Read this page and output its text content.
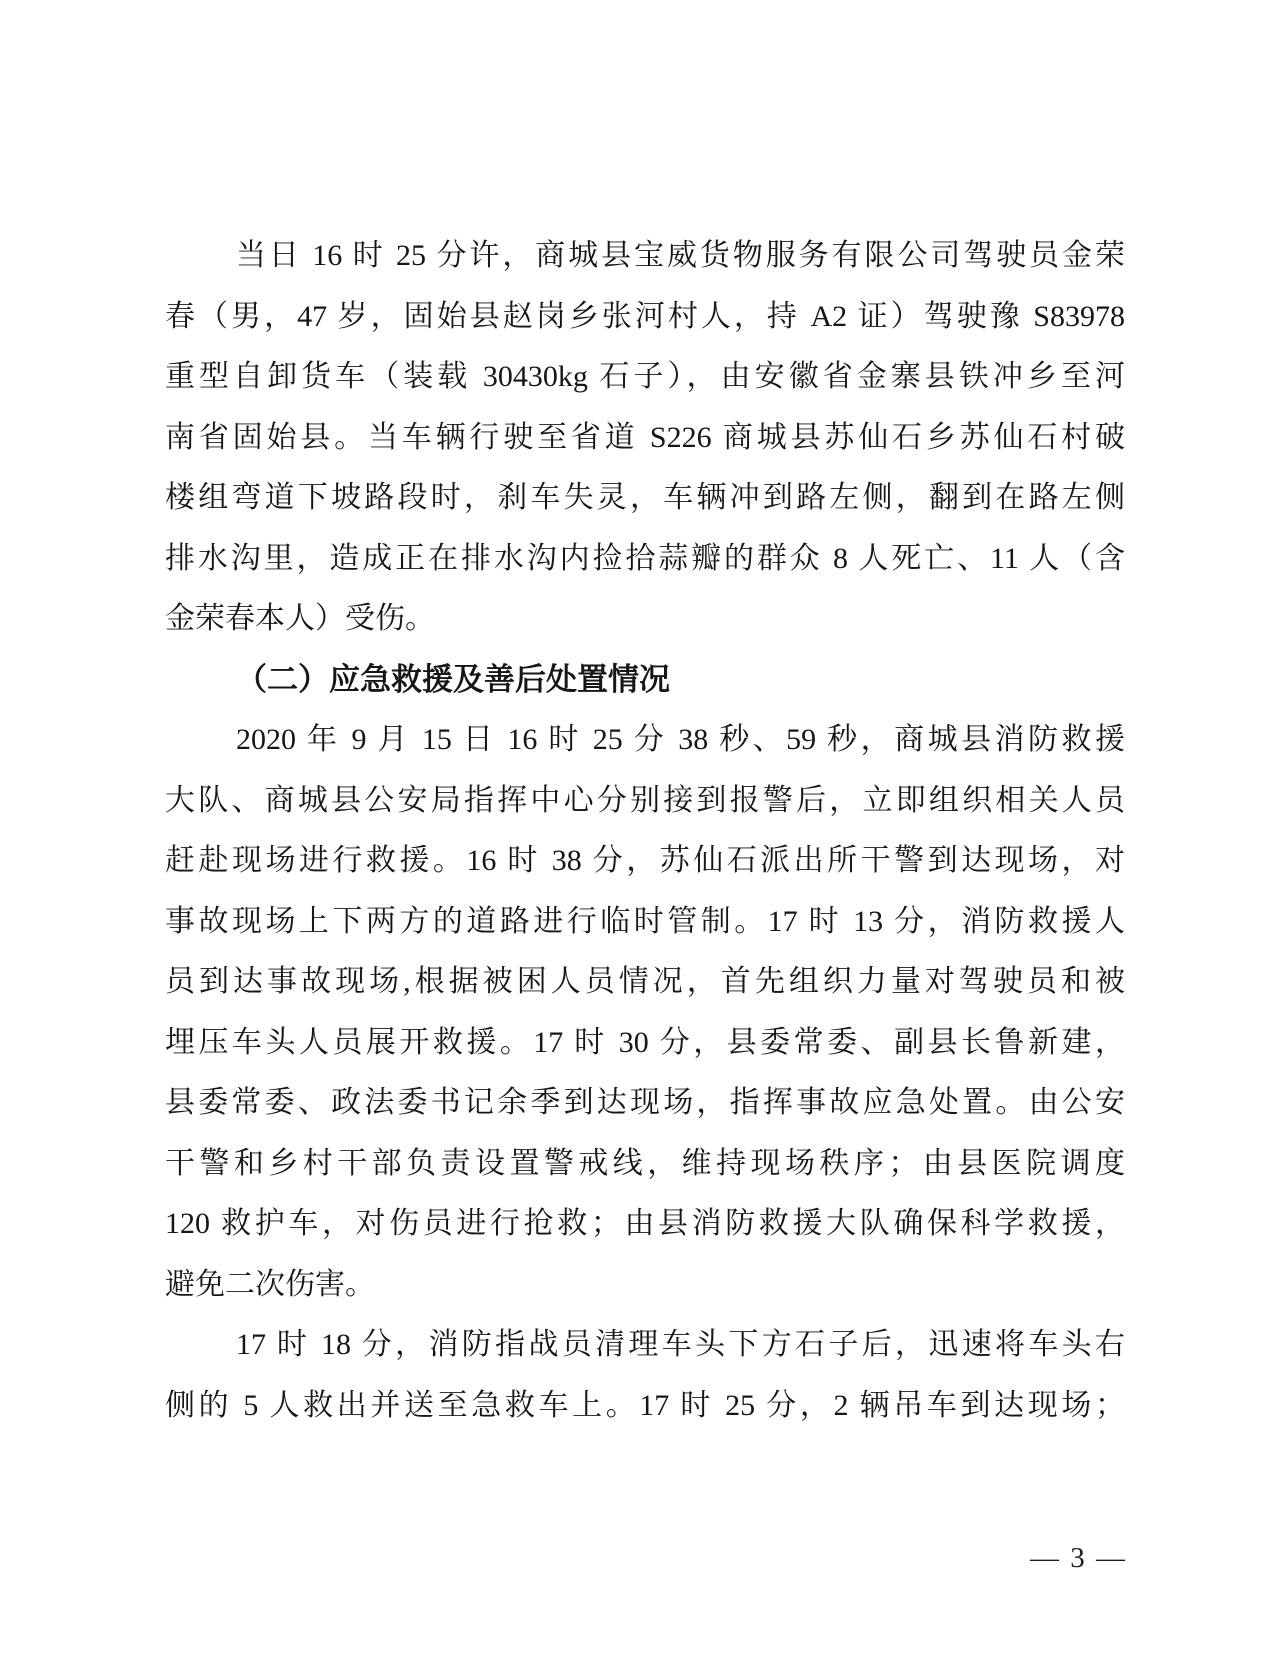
当日 16 时 25 分许，商城县宝威货物服务有限公司驾驶员金荣
春（男，47 岁，固始县赵岗乡张河村人，持 A2 证）驾驶豫 S83978
重型自卸货车（装载 30430kg 石子），由安徽省金寨县铁冲乡至河
南省固始县。当车辆行驶至省道 S226 商城县苏仙石乡苏仙石村破
楼组弯道下坡路段时，刹车失灵，车辆冲到路左侧，翻到在路左侧
排水沟里，造成正在排水沟内捡拾蒜瓣的群众 8 人死亡、11 人（含
金荣春本人）受伤。
（二）应急救援及善后处置情况
2020 年 9 月 15 日 16 时 25 分 38 秒、59 秒，商城县消防救援
大队、商城县公安局指挥中心分别接到报警后，立即组织相关人员
赶赴现场进行救援。16 时 38 分，苏仙石派出所干警到达现场，对
事故现场上下两方的道路进行临时管制。17 时 13 分，消防救援人
员到达事故现场,根据被困人员情况，首先组织力量对驾驶员和被
埋压车头人员展开救援。17 时 30 分，县委常委、副县长鲁新建，
县委常委、政法委书记余季到达现场，指挥事故应急处置。由公安
干警和乡村干部负责设置警戒线，维持现场秩序；由县医院调度
120 救护车，对伤员进行抢救；由县消防救援大队确保科学救援，
避免二次伤害。
17 时 18 分，消防指战员清理车头下方石子后，迅速将车头右
侧的 5 人救出并送至急救车上。17 时 25 分，2 辆吊车到达现场；
— 3 —
